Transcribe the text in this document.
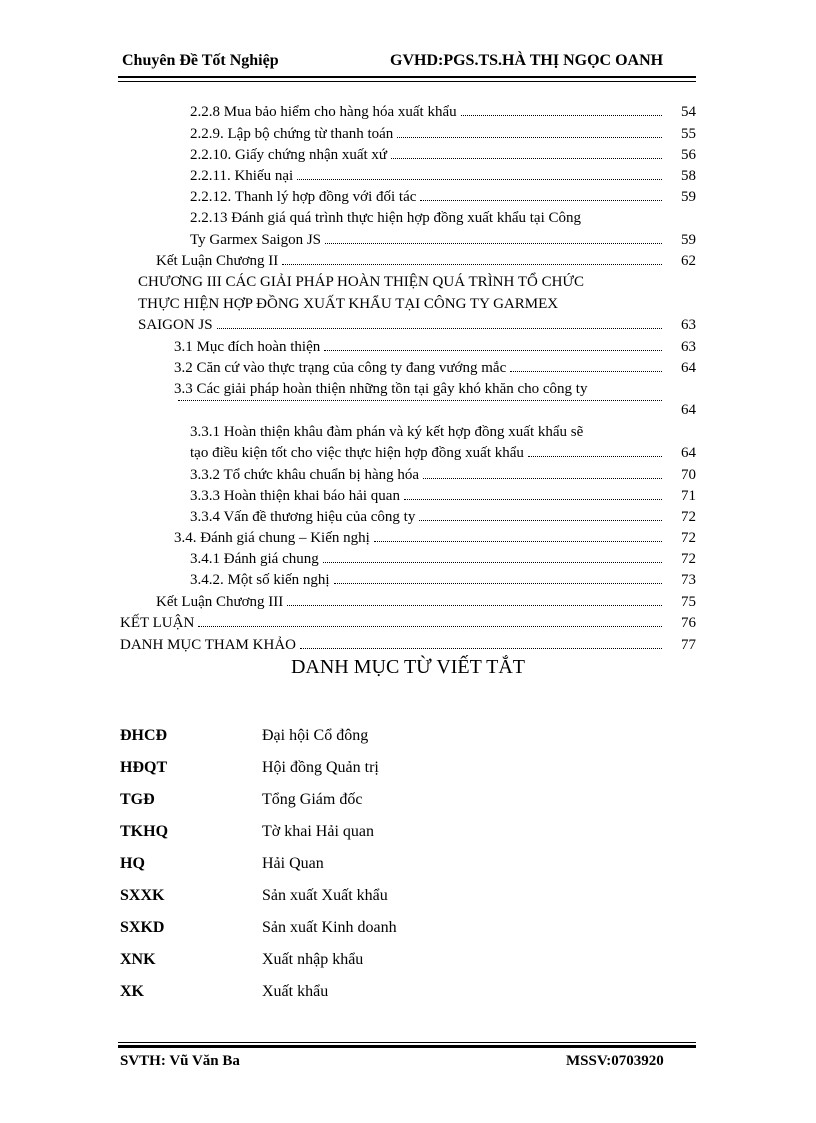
Chuyên Đề Tốt Nghiệp	GVHD:PGS.TS.HÀ THỊ NGỌC OANH
2.2.8 Mua bảo hiểm cho hàng hóa xuất khẩu	54
2.2.9. Lập bộ chứng từ thanh toán	55
2.2.10. Giấy chứng nhận xuất xứ	56
2.2.11. Khiếu nại	58
2.2.12. Thanh lý hợp đồng với đối tác	59
2.2.13 Đánh giá quá trình thực hiện hợp đồng xuất khẩu tại Công
Ty Garmex Saigon JS	59
Kết Luận Chương II	62
CHƯƠNG III CÁC GIẢI PHÁP HOÀN THIỆN QUÁ TRÌNH TỔ CHỨC
THỰC HIỆN HỢP ĐỒNG XUẤT KHẨU TẠI CÔNG TY GARMEX
SAIGON JS	63
3.1 Mục đích hoàn thiện	63
3.2 Căn cứ vào thực trạng của công ty đang vướng mắc	64
3.3 Các giải pháp hoàn thiện những tồn tại gây khó khăn cho công ty
64
3.3.1 Hoàn thiện khâu đàm phán và ký kết hợp đồng xuất khẩu sẽ
tạo điều kiện tốt cho việc thực hiện hợp đồng xuất khẩu	64
3.3.2 Tổ chức khâu chuẩn bị hàng hóa	70
3.3.3 Hoàn thiện khai báo hải quan	71
3.3.4 Vấn đề thương hiệu của công ty	72
3.4. Đánh giá chung – Kiến nghị	72
3.4.1 Đánh giá chung	72
3.4.2. Một số kiến nghị	73
Kết Luận Chương III	75
KẾT LUẬN	76
DANH MỤC THAM KHẢO	77
DANH MỤC TỪ VIẾT TẮT
ĐHCĐ	Đại hội Cổ đông
HĐQT	Hội đồng Quản trị
TGĐ	Tổng Giám đốc
TKHQ	Tờ khai Hải quan
HQ	Hải Quan
SXXK	Sản xuất Xuất khẩu
SXKD	Sản xuất Kinh doanh
XNK	Xuất nhập khẩu
XK	Xuất khẩu
SVTH: Vũ Văn Ba	MSSV:0703920
